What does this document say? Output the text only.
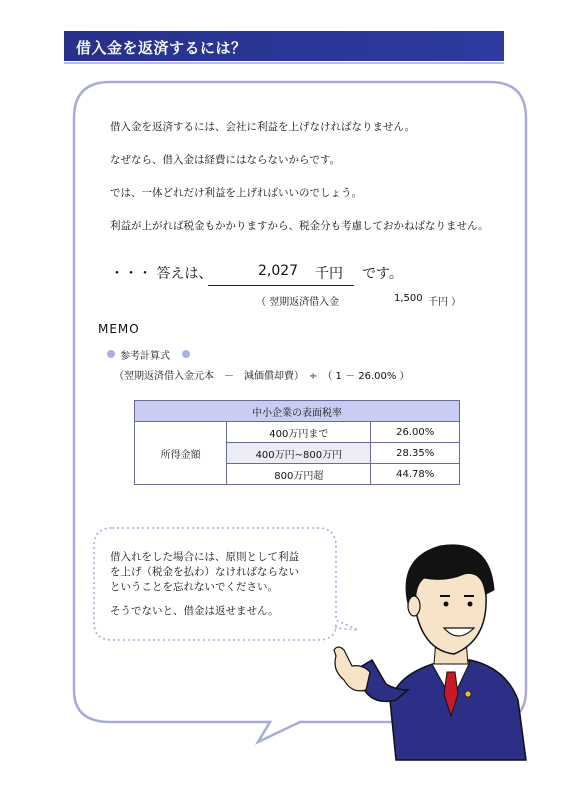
借入金を返済するには？
借入金を返済するには、会社に利益を上げなければなりません。
なぜなら、借入金は経費にはならないからです。
では、一体どれだけ利益を上げればいいのでしょう。
利益が上がれば税金もかかりますから、税金分も考慮しておかねばなりません。
・・・ 答えは、	2,027 千円 です。
（ 翌期返済借入金	1,500 千円 ）
MEMO
参考計算式
（翌期返済借入金元本　－　減価償却費）　÷　（ 1 － 26.00% ）
中小企業の表面税率		
所得金額	400万円まで	26.00%
	400万円~800万円	28.35%
	800万円超	44.78%
借入れをした場合には、原則として利益
を上げ（税金を払わ）なければならない
ということを忘れないでください。
そうでないと、借金は返せません。
